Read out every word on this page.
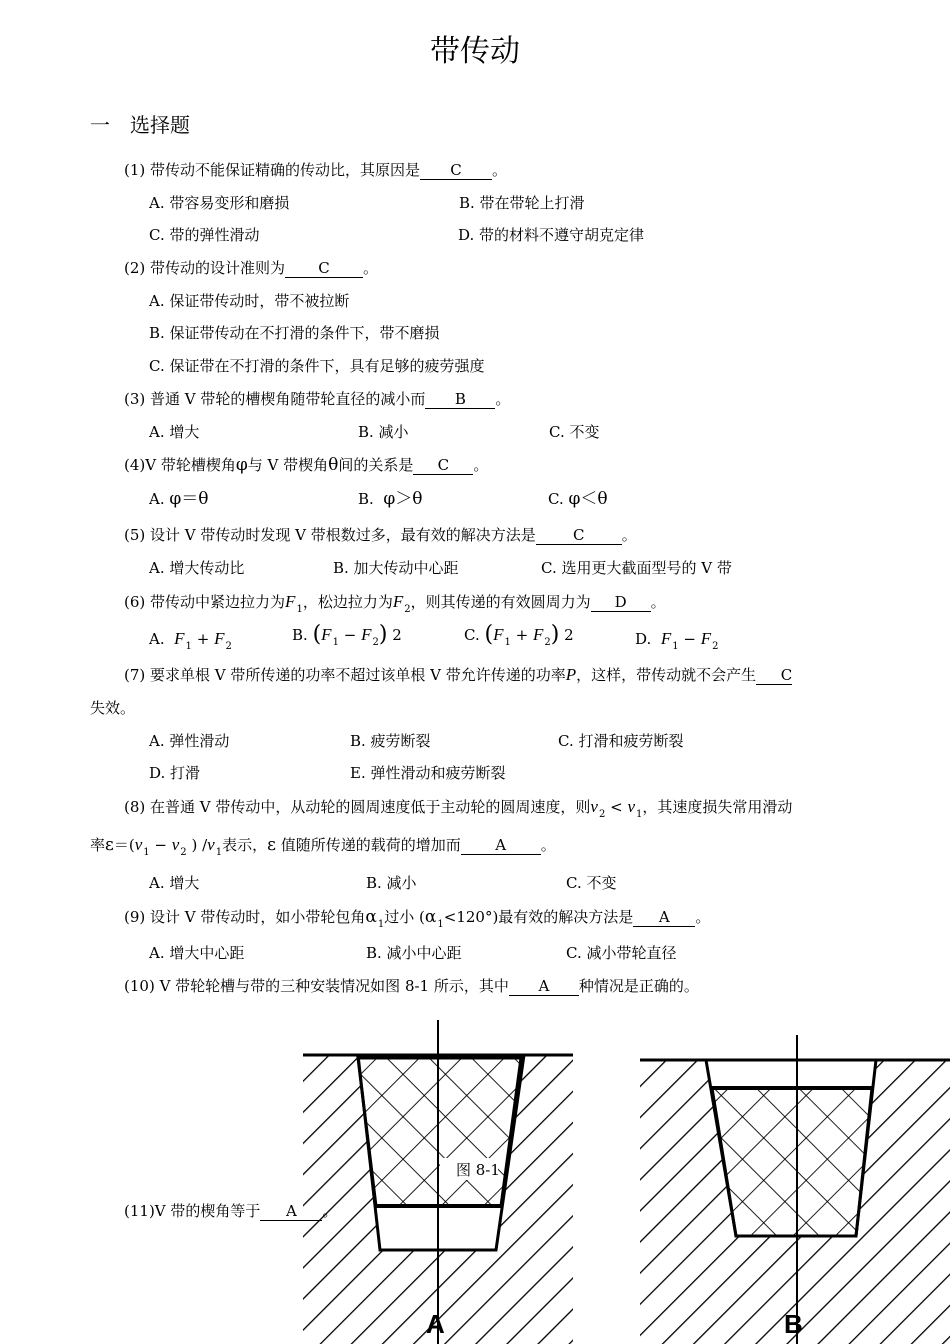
带传动
一　选择题
(1) 带传动不能保证精确的传动比，其原因是 C 。
A. 带容易变形和磨损	B. 带在带轮上打滑
C. 带的弹性滑动	D. 带的材料不遵守胡克定律
(2) 带传动的设计准则为 C 。
A. 保证带传动时，带不被拉断
B. 保证带传动在不打滑的条件下，带不磨损
C. 保证带在不打滑的条件下，具有足够的疲劳强度
(3) 普通 V 带轮的槽楔角随带轮直径的减小而 B 。
A. 增大	B. 减小	C. 不变
(4)V 带轮槽楔角φ与 V 带楔角θ间的关系是 C 。
A. φ＝θ	B. φ＞θ	C. φ＜θ
(5) 设计 V 带传动时发现 V 带根数过多，最有效的解决方法是 C 。
A. 增大传动比	B. 加大传动中心距	C. 选用更大截面型号的 V 带
(6) 带传动中紧边拉力为$F_1$，松边拉力为$F_2$，则其传递的有效圆周力为 D 。
A. $F_1 + F_2$
B. $(F_1 - F_2)$ 2	C. $(F_1 + F_2)$ 2	D. $F_1 - F_2$
(7) 要求单根 V 带所传递的功率不超过该单根 V 带允许传递的功率P，这样，带传动就不会产生 C
失效。
A. 弹性滑动	B. 疲劳断裂	C. 打滑和疲劳断裂
D. 打滑	E. 弹性滑动和疲劳断裂
(8) 在普通 V 带传动中，从动轮的圆周速度低于主动轮的圆周速度，则$v_2 < v_1$，其速度损失常用滑动
率$\varepsilon=(v_1 - v_2$ ) $/v_1$表示，ε 值随所传递的载荷的增加而 A 。
A. 增大	B. 减小	C. 不变
(9) 设计 V 带传动时，如小带轮包角$\alpha_1$过小 $(\alpha_1<120^\circ)$最有效的解决方法是 A 。
A. 增大中心距	B. 减小中心距	C. 减小带轮直径
(10) V 带轮轮槽与带的三种安装情况如图 8-1 所示，其中 A 种情况是正确的。
图 8-1
A	B
(11)V 带的楔角等于 A 。
